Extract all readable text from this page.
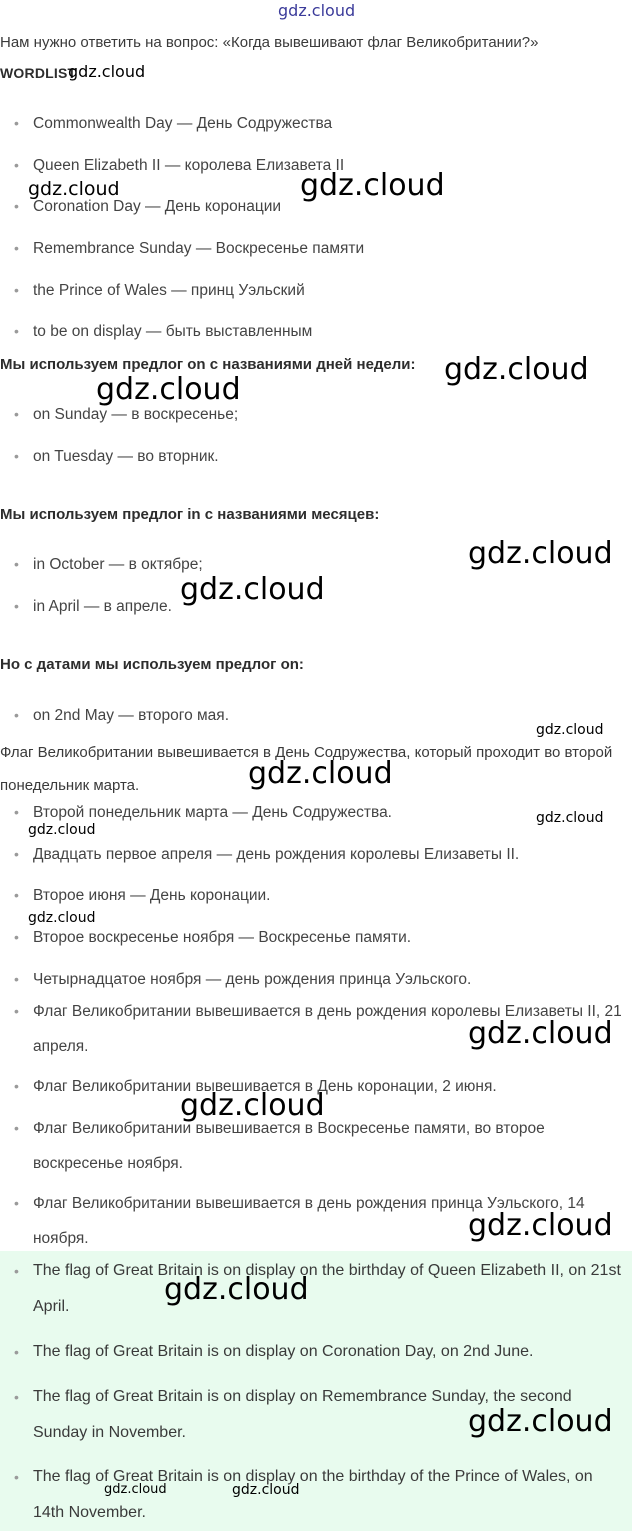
gdz.cloud
Нам нужно ответить на вопрос: «Когда вывешивают флаг Великобритании?»
WORDLIST
• Commonwealth Day — День Содружества
• Queen Elizabeth II — королева Елизавета II
• Coronation Day — День коронации
• Remembrance Sunday — Воскресенье памяти
• the Prince of Wales — принц Уэльский
• to be on display — быть выставленным
Мы используем предлог on с названиями дней недели:
• on Sunday — в воскресенье;
• on Tuesday — во вторник.
Мы используем предлог in с названиями месяцев:
• in October — в октябре;
• in April — в апреле.
Но с датами мы используем предлог on:
• on 2nd May — второго мая.
Флаг Великобритании вывешивается в День Содружества, который проходит во второй понедельник марта.
• Второй понедельник марта — День Содружества.
• Двадцать первое апреля — день рождения королевы Елизаветы II.
• Второе июня — День коронации.
• Второе воскресенье ноября — Воскресенье памяти.
• Четырнадцатое ноября — день рождения принца Уэльского.
• Флаг Великобритании вывешивается в день рождения королевы Елизаветы II, 21 апреля.
• Флаг Великобритании вывешивается в День коронации, 2 июня.
• Флаг Великобритании вывешивается в Воскресенье памяти, во второе воскресенье ноября.
• Флаг Великобритании вывешивается в день рождения принца Уэльского, 14 ноября.
• The flag of Great Britain is on display on the birthday of Queen Elizabeth II, on 21st April.
• The flag of Great Britain is on display on Coronation Day, on 2nd June.
• The flag of Great Britain is on display on Remembrance Sunday, the second Sunday in November.
• The flag of Great Britain is on display on the birthday of the Prince of Wales, on 14th November.
gdz.cloud
gdz.cloud	gdz.cloud
gdz.cloud
gdz.cloud
gdz.cloud
gdz.cloud
gdz.cloud
gdz.cloud
gdz.cloud
gdz.cloud
gdz.cloud
gdz.cloud
gdz.cloud
gdz.cloud
gdz.cloud
gdz.cloud
gdz.cloud	gdz.cloud
